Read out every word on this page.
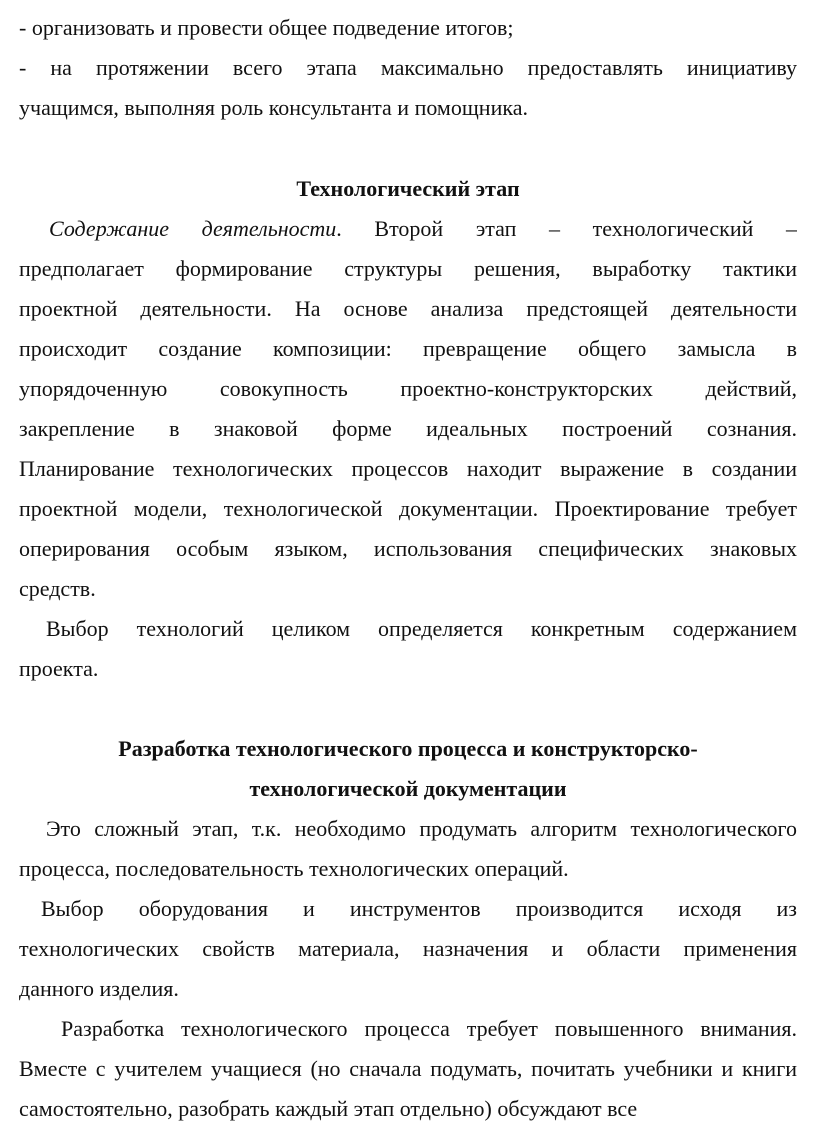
- организовать и провести общее подведение итогов;
- на протяжении всего этапа максимально предоставлять инициативу
учащимся, выполняя роль консультанта и помощника.
Технологический этап
Содержание деятельности. Второй этап – технологический –
предполагает формирование структуры решения, выработку тактики
проектной деятельности. На основе анализа предстоящей деятельности
происходит создание композиции: превращение общего замысла в
упорядоченную совокупность проектно-конструкторских действий,
закрепление в знаковой форме идеальных построений сознания.
Планирование технологических процессов находит выражение в создании
проектной модели, технологической документации. Проектирование требует
оперирования особым языком, использования специфических знаковых
средств.
Выбор технологий целиком определяется конкретным содержанием
проекта.
Разработка технологического процесса и конструкторско-
технологической документации
Это сложный этап, т.к. необходимо продумать алгоритм технологического
процесса, последовательность технологических операций.
Выбор оборудования и инструментов производится исходя из
технологических свойств материала, назначения и области применения
данного изделия.
Разработка технологического процесса требует повышенного внимания.
Вместе с учителем учащиеся (но сначала подумать, почитать учебники и книги
самостоятельно, разобрать каждый этап отдельно) обсуждают все
